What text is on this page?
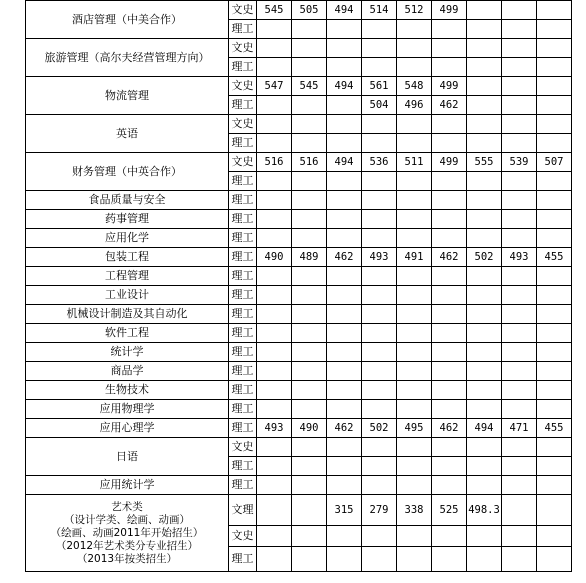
酒店管理（中美合作）	文史	545	505	494	514	512	499			
	理工									

旅游管理（高尔夫经营管理方向）	文史									
	理工									

物流管理	文史	547	545	494	561	548	499			
	理工				504	496	462			

英语	文史									
	理工									

财务管理（中英合作）	文史	516	516	494	536	511	499	555	539	507
	理工									

食品质量与安全	理工									

药事管理	理工									

应用化学	理工									

包装工程	理工	490	489	462	493	491	462	502	493	455

工程管理	理工									

工业设计	理工									

机械设计制造及其自动化	理工									

软件工程	理工									

统计学	理工									

商品学	理工									

生物技术	理工									

应用物理学	理工									

应用心理学	理工	493	490	462	502	495	462	494	471	455

日语	文史									
	理工									

应用统计学	理工									

艺术类
（设计学类、绘画、动画）
（绘画、动画2011年开始招生）
（2012年艺术类分专业招生）
（2013年按类招生）	文理			315	279	338	525	498.3		
	文史									
	理工									
